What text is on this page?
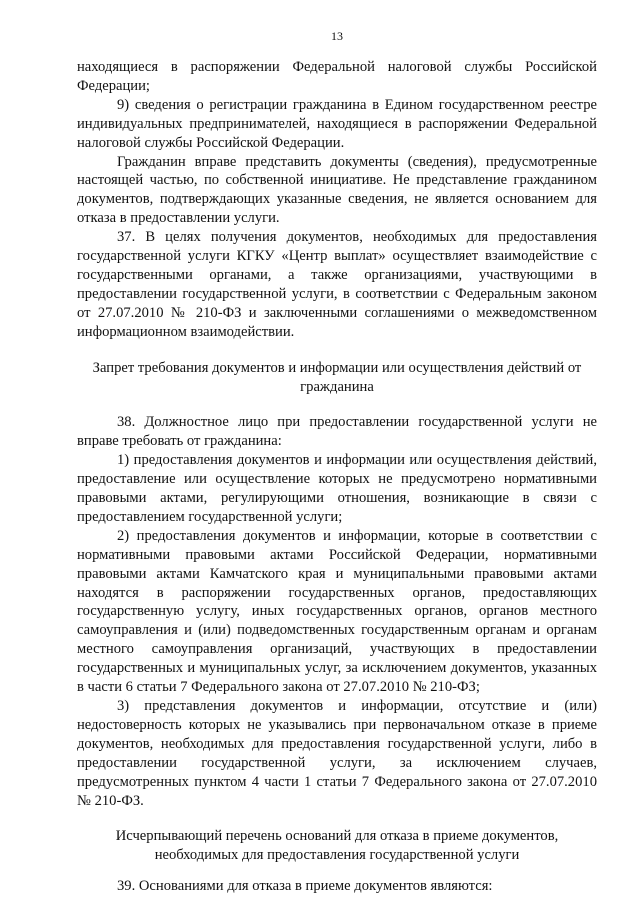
13

находящиеся в распоряжении Федеральной налоговой службы Российской Федерации;

9) сведения о регистрации гражданина в Едином государственном реестре индивидуальных предпринимателей, находящиеся в распоряжении Федеральной налоговой службы Российской Федерации.

Гражданин вправе представить документы (сведения), предусмотренные настоящей частью, по собственной инициативе. Не представление гражданином документов, подтверждающих указанные сведения, не является основанием для отказа в предоставлении услуги.

37. В целях получения документов, необходимых для предоставления государственной услуги КГКУ «Центр выплат» осуществляет взаимодействие с государственными органами, а также организациями, участвующими в предоставлении государственной услуги, в соответствии с Федеральным законом от 27.07.2010 № 210-ФЗ и заключенными соглашениями о межведомственном информационном взаимодействии.

Запрет требования документов и информации или осуществления действий от гражданина

38. Должностное лицо при предоставлении государственной услуги не вправе требовать от гражданина:

1) предоставления документов и информации или осуществления действий, предоставление или осуществление которых не предусмотрено нормативными правовыми актами, регулирующими отношения, возникающие в связи с предоставлением государственной услуги;

2) предоставления документов и информации, которые в соответствии с нормативными правовыми актами Российской Федерации, нормативными правовыми актами Камчатского края и муниципальными правовыми актами находятся в распоряжении государственных органов, предоставляющих государственную услугу, иных государственных органов, органов местного самоуправления и (или) подведомственных государственным органам и органам местного самоуправления организаций, участвующих в предоставлении государственных и муниципальных услуг, за исключением документов, указанных в части 6 статьи 7 Федерального закона от 27.07.2010 № 210-ФЗ;

3) представления документов и информации, отсутствие и (или) недостоверность которых не указывались при первоначальном отказе в приеме документов, необходимых для предоставления государственной услуги, либо в предоставлении государственной услуги, за исключением случаев, предусмотренных пунктом 4 части 1 статьи 7 Федерального закона от 27.07.2010 № 210-ФЗ.

Исчерпывающий перечень оснований для отказа в приеме документов, необходимых для предоставления государственной услуги

39. Основаниями для отказа в приеме документов являются:
